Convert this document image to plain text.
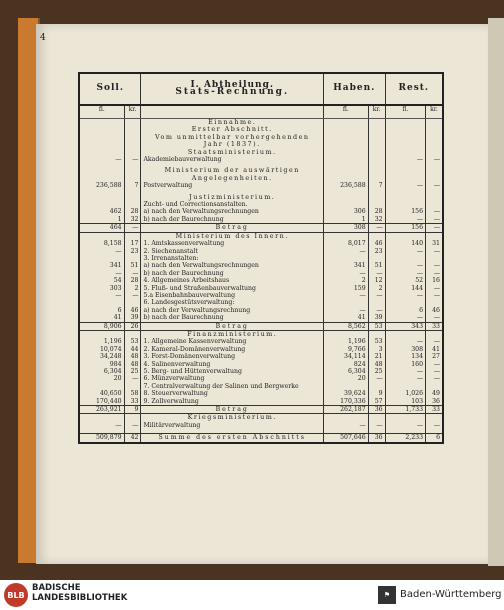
4
Soll.		I. Abtheilung.
Stats-Rechnung.	Haben.		Rest.	
fl.	kr.		fl.	kr.	fl.	kr.
		Einnahme.				
		Erster Abschnitt.				
		Vom unmittelbar vorhergehenden Jahr (1837).				
		Staatsministerium.				
—	—	Akademiebauverwaltung			—	—

		Ministerium der auswärtigen Angelegenheiten.				
236,588	7	Postverwaltung	236,588	7	—	—

		Justizministerium.				
		Zucht- und Correctionsanstalten.				
462	28	a) nach den Verwaltungsrechnungen	306	28	156	—
1	32	b) nach der Baurechnung	1	32	—	—
464	—	Betrag	308	—	156	—
		Ministerium des Innern.				
8,158	17	1. Amtskassenverwaltung	8,017	46	140	31
—	23	2. Siechenanstalt	—	23	—	—
		3. Irrenanstalten:				
341	51	a) nach den Verwaltungsrechnungen	341	51	—	—
—	—	b) nach der Baurechnung	—	—	—	—
54	28	4. Allgemeines Arbeitshaus	2	12	52	16
303	2	5. Fluß- und Straßenbauverwaltung	159	2	144	—
—	—	5.a Eisenbahnbauverwaltung	—	—	—	—
		6. Landesgestütsverwaltung:				
6	46	a) nach der Verwaltungsrechnung	—	—	6	46
41	39	b) nach der Baurechnung	41	39	—	—
8,906	26	Betrag	8,562	53	343	33
		Finanzministerium.				
1,196	53	1. Allgemeine Kassenverwaltung	1,196	53	—	—
10,074	44	2. Kameral-Domänenverwaltung	9,766	3	308	41
34,248	48	3. Forst-Domänenverwaltung	34,114	21	134	27
984	48	4. Salinenverwaltung	824	48	160	—
6,304	25	5. Berg- und Hüttenverwaltung	6,304	25	—	—
20	—	6. Münzverwaltung	20	—	—	—
		7. Centralverwaltung der Salinen und Bergwerke				
40,650	58	8. Steuerverwaltung	39,624	9	1,026	49
170,440	33	9. Zollverwaltung	170,336	57	103	36
263,921	9	Betrag	262,187	36	1,733	33
		Kriegsministerium.				
—	—	Militärverwaltung	—	—	—	—

509,879	42	Summe des ersten Abschnitts	507,646	36	2,233	6
BLB
BADISCHE
LANDESBIBLIOTHEK	⚑ Baden-Württemberg
